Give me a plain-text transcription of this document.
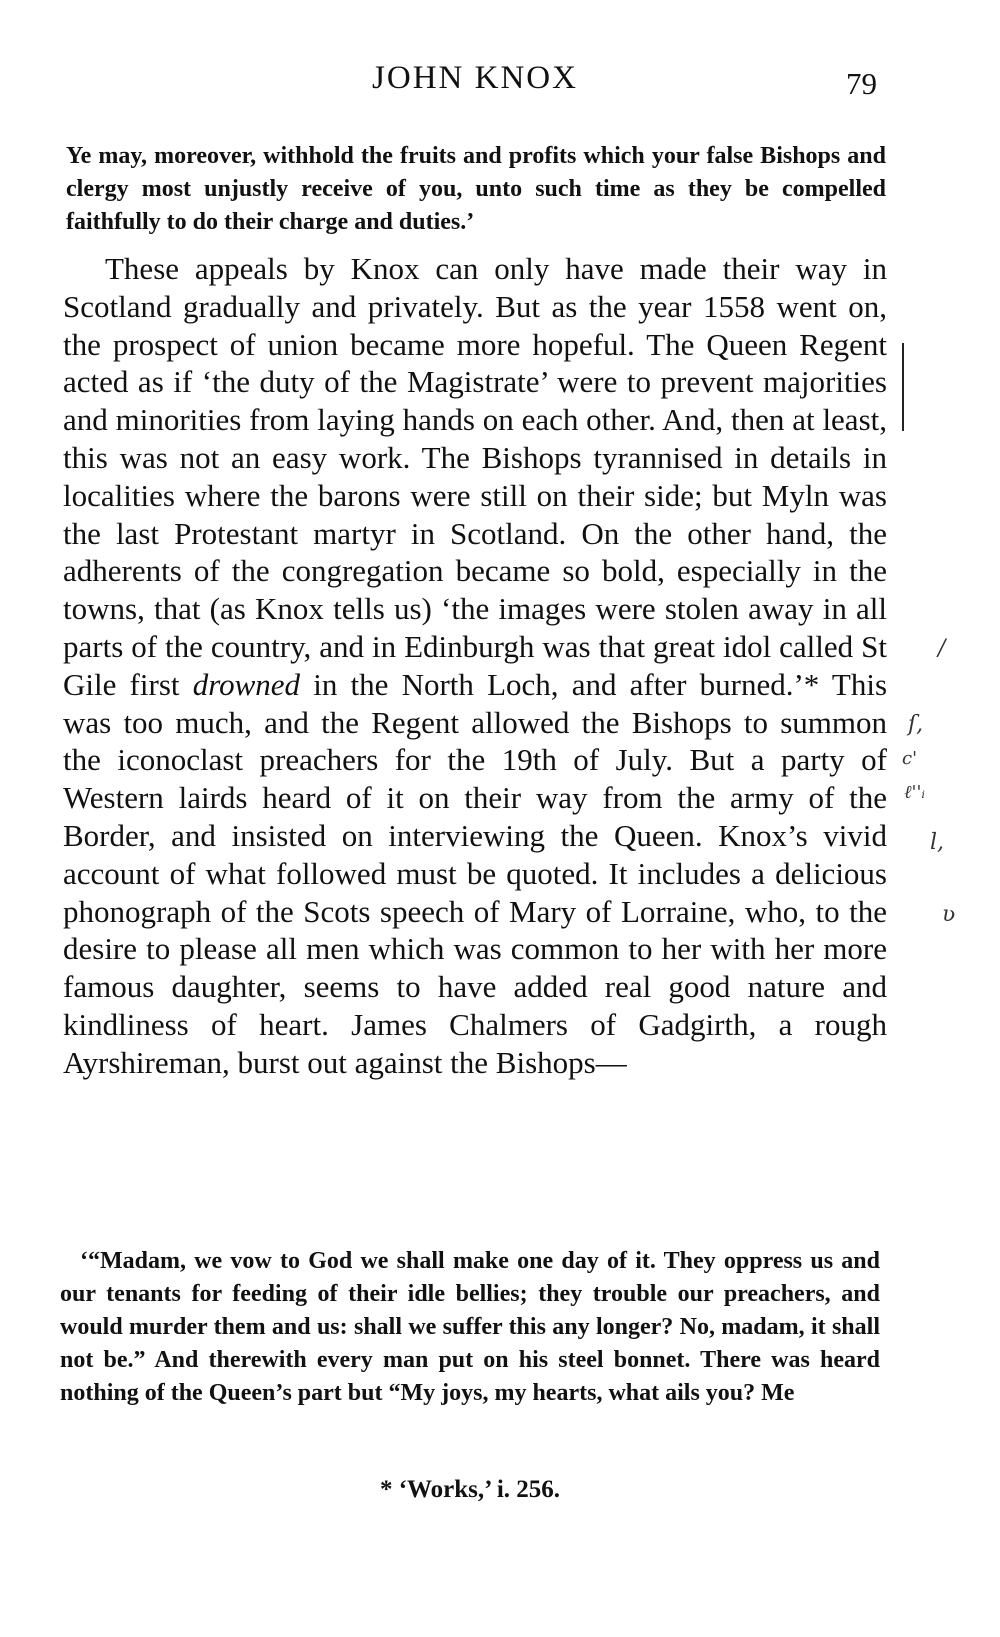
JOHN KNOX	79
Ye may, moreover, withhold the fruits and profits which your false Bishops and clergy most unjustly receive of you, unto such time as they be compelled faithfully to do their charge and duties.’
These appeals by Knox can only have made their way in Scotland gradually and privately. But as the year 1558 went on, the prospect of union became more hopeful. The Queen Regent acted as if ‘the duty of the Magistrate’ were to prevent majorities and minorities from laying hands on each other. And, then at least, this was not an easy work. The Bishops tyrannised in details in localities where the barons were still on their side; but Myln was the last Protestant martyr in Scotland. On the other hand, the adherents of the congregation became so bold, especially in the towns, that (as Knox tells us) ‘the images were stolen away in all parts of the country, and in Edinburgh was that great idol called St Gile first drowned in the North Loch, and after burned.’* This was too much, and the Regent allowed the Bishops to summon the iconoclast preachers for the 19th of July. But a party of Western lairds heard of it on their way from the army of the Border, and insisted on interviewing the Queen. Knox’s vivid account of what followed must be quoted. It includes a delicious phonograph of the Scots speech of Mary of Lorraine, who, to the desire to please all men which was common to her with her more famous daughter, seems to have added real good nature and kindliness of heart. James Chalmers of Gadgirth, a rough Ayrshireman, burst out against the Bishops—
‘“Madam, we vow to God we shall make one day of it. They oppress us and our tenants for feeding of their idle bellies; they trouble our preachers, and would murder them and us: shall we suffer this any longer? No, madam, it shall not be.” And therewith every man put on his steel bonnet. There was heard nothing of the Queen’s part but “My joys, my hearts, what ails you? Me
* ‘Works,’ i. 256.
/
ſ,
c'
ℓ''ᵢ
l,
ʋ
